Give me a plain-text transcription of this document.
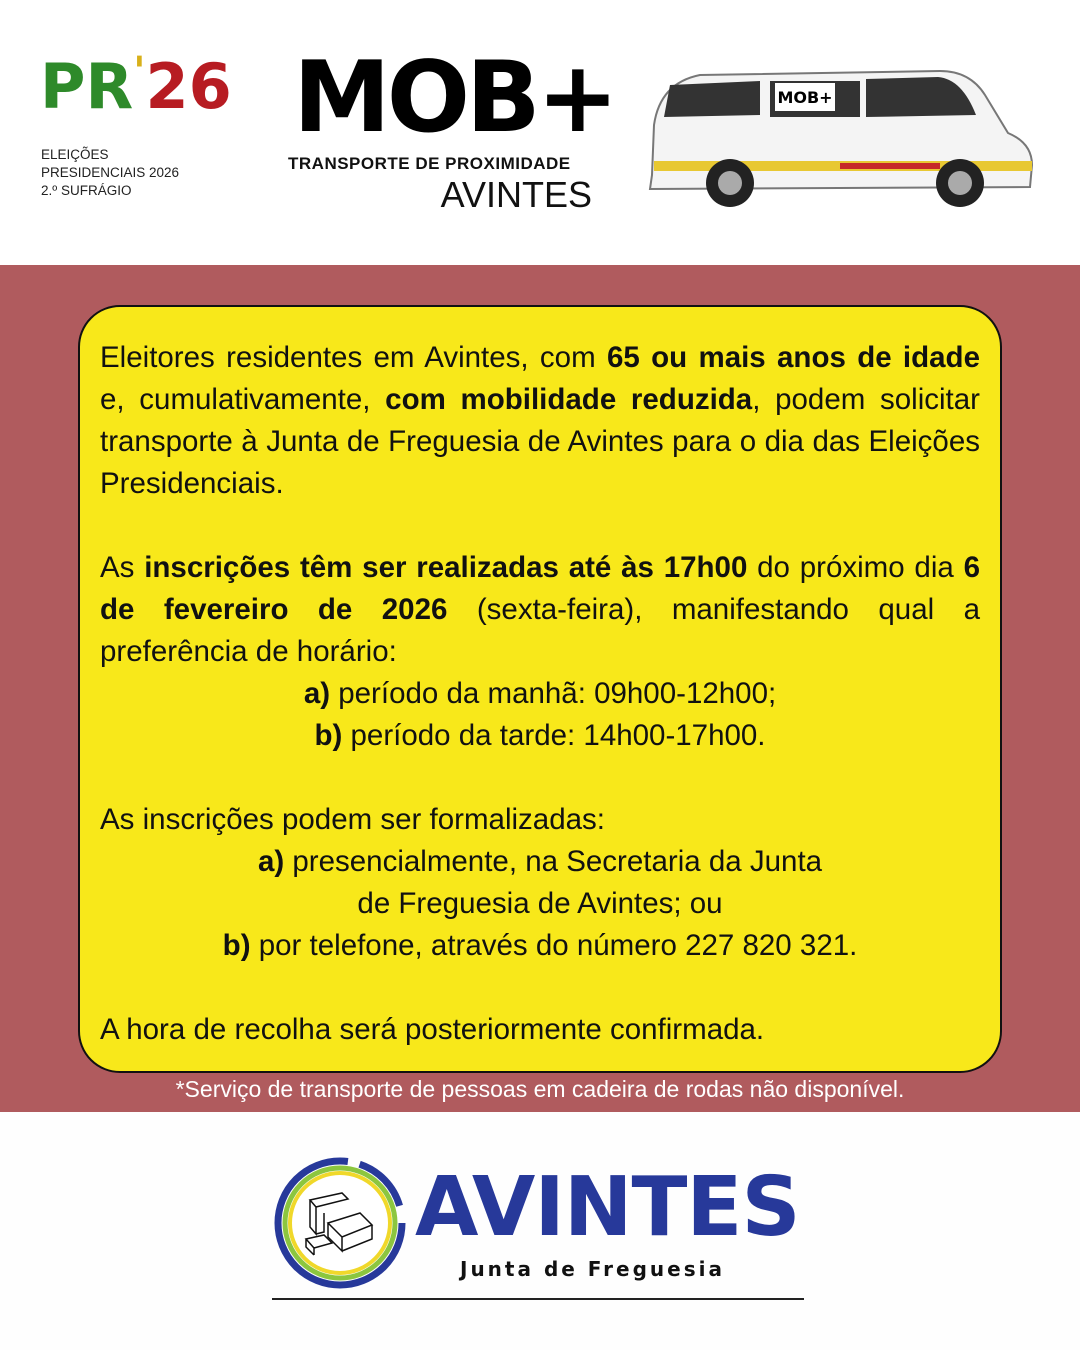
PR'26
ELEIÇÕES
PRESIDENCIAIS 2026
2.º SUFRÁGIO
MOB+
TRANSPORTE DE PROXIMIDADE
AVINTES
MOB+

Eleitores residentes em Avintes, com 65 ou mais anos de idade e, cumulativamente, com mobilidade reduzida, podem solicitar transporte à Junta de Freguesia de Avintes para o dia das Eleições Presidenciais.

As inscrições têm ser realizadas até às 17h00 do próximo dia 6 de fevereiro de 2026 (sexta-feira), manifestando qual a preferência de horário:

a) período da manhã: 09h00-12h00;

b) período da tarde: 14h00-17h00.

As inscrições podem ser formalizadas:

a) presencialmente, na Secretaria da Junta
de Freguesia de Avintes; ou

b) por telefone, através do número 227 820 321.

A hora de recolha será posteriormente confirmada.

*Serviço de transporte de pessoas em cadeira de rodas não disponível.
AVINTES
Junta de Freguesia
